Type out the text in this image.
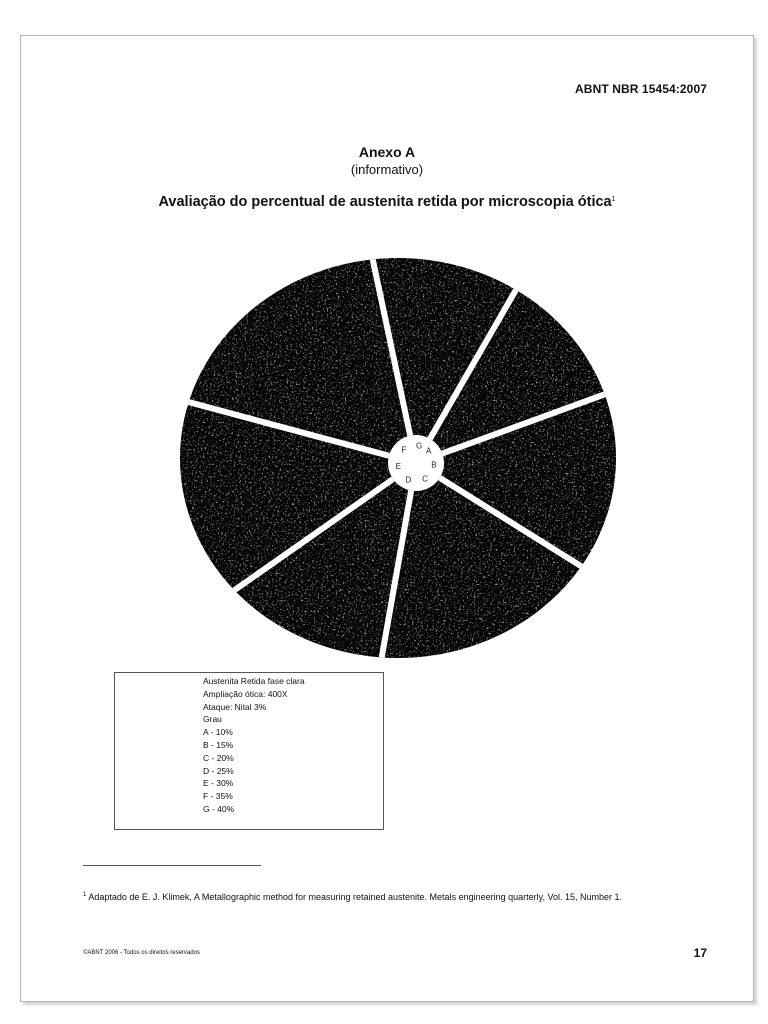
ABNT NBR 15454:2007
Anexo A
(informativo)
Avaliação do percentual de austenita retida por microscopia ótica$^1$
A
B
C
D
E
F G
Austenita Retida fase clara
Ampliação ótica: 400X
Ataque: Nital 3%
Grau
A - 10%
B - 15%
C - 20%
D - 25%
E - 30%
F - 35%
G - 40%
$^1$ Adaptado de E. J. Klimek, A Metallographic method for measuring retained austenite. Metals engineering quarterly, Vol. 15, Number 1.
©ABNT 2006 - Todos os direitos reservados	17
